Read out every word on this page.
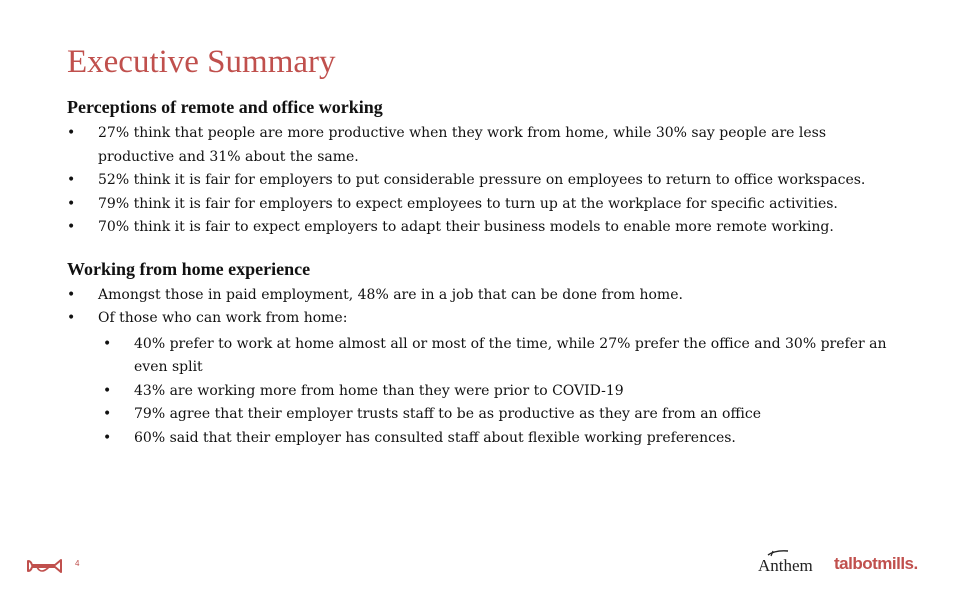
Executive Summary
Perceptions of remote and office working
• 27% think that people are more productive when they work from home, while 30% say people are less productive and 31% about the same.
• 52% think it is fair for employers to put considerable pressure on employees to return to office workspaces.
• 79% think it is fair for employers to expect employees to turn up at the workplace for specific activities.
• 70% think it is fair to expect employers to adapt their business models to enable more remote working.
Working from home experience
• Amongst those in paid employment, 48% are in a job that can be done from home.
• Of those who can work from home:
• 40% prefer to work at home almost all or most of the time, while 27% prefer the office and 30% prefer an even split
• 43% are working more from home than they were prior to COVID-19
• 79% agree that their employer trusts staff to be as productive as they are from an office
• 60% said that their employer has consulted staff about flexible working preferences.
4	Anthem talbotmills.
